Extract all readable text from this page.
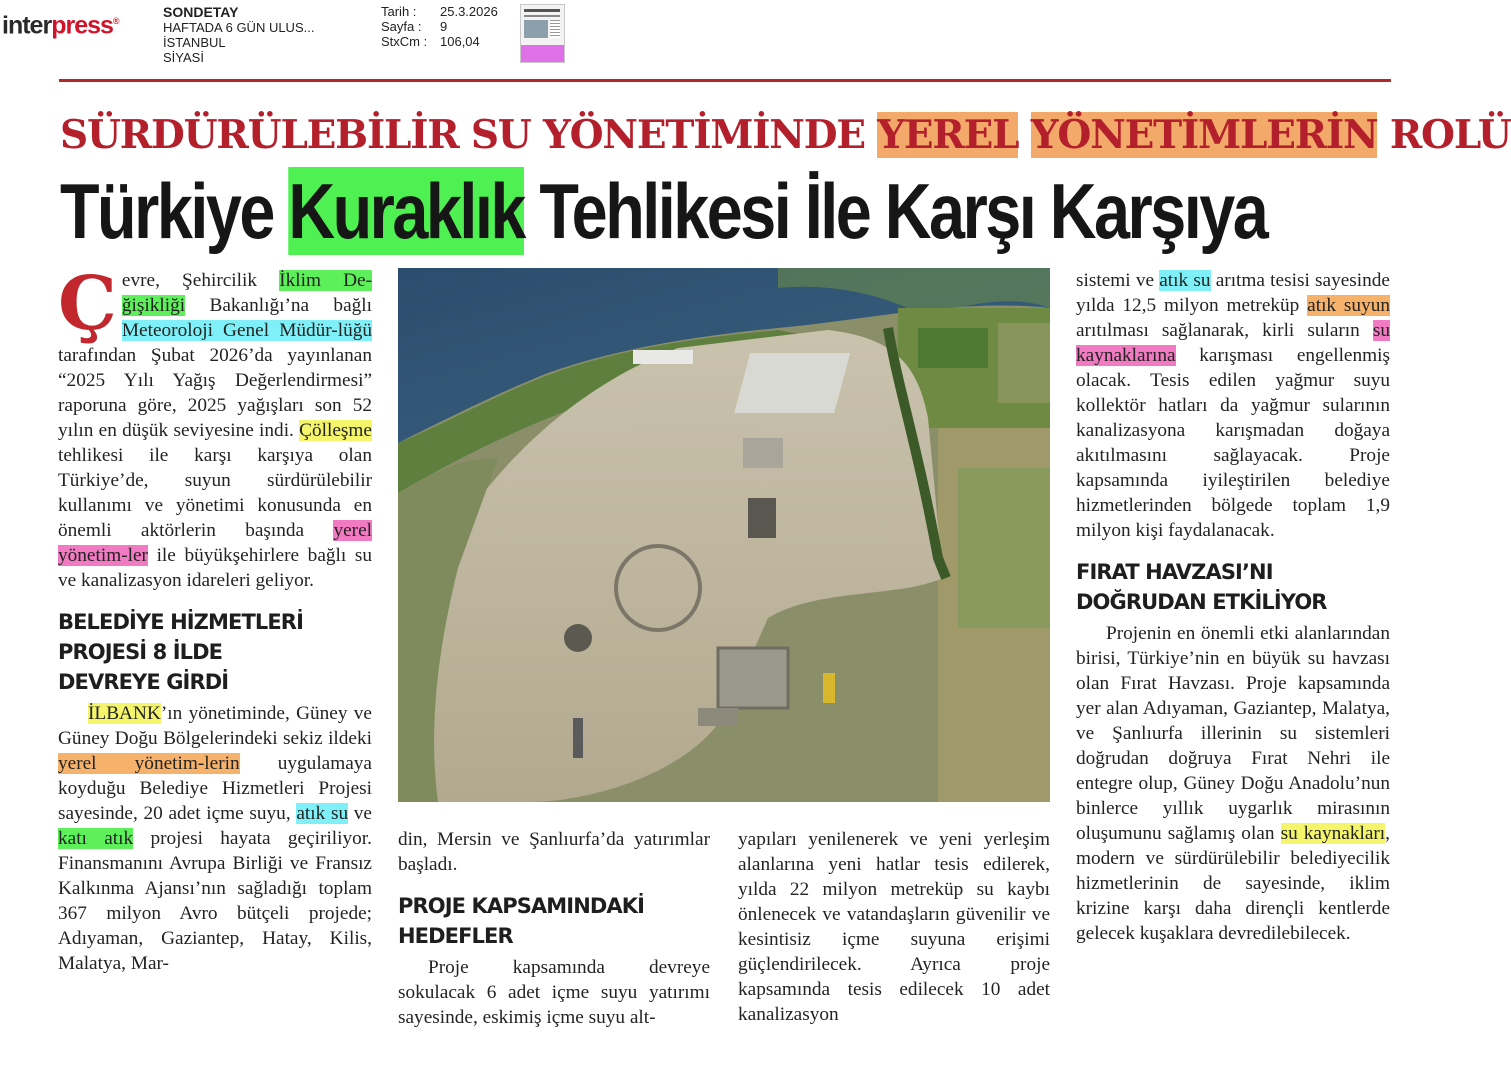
interpress®
SONDETAY
HAFTADA 6 GÜN ULUS...
İSTANBUL
SİYASİ
Tarih :	25.3.2026
Sayfa :	9
StxCm : 106,04
SÜRDÜRÜLEBİLİR SU YÖNETİMİNDE YEREL YÖNETİMLERİN ROLÜ
Türkiye Kuraklık Tehlikesi İle Karşı Karşıya

Çevre, Şehircilik İklim De-ğişikliği Bakanlığı’na bağlı Meteoroloji Genel Müdür-lüğü tarafından Şubat 2026’da yayınlanan “2025 Yılı Yağış Değerlendirmesi” raporuna göre, 2025 yağışları son 52 yılın en düşük seviyesine indi. Çölleşme tehlikesi ile karşı karşıya olan Türkiye’de, suyun sürdürülebilir kullanımı ve yönetimi konusunda en önemli aktörlerin başında yerel yönetim-ler ile büyükşehirlere bağlı su ve kanalizasyon idareleri geliyor.

BELEDİYE HİZMETLERİ
PROJESİ 8 İLDE
DEVREYE GİRDİ

İLBANK’ın yönetiminde, Güney ve Güney Doğu Bölgelerindeki sekiz ildeki yerel yönetim-lerin uygulamaya koyduğu Belediye Hizmetleri Projesi sayesinde, 20 adet içme suyu, atık su ve katı atık projesi hayata geçiriliyor. Finansmanını Avrupa Birliği ve Fransız Kalkınma Ajansı’nın sağladığı toplam 367 milyon Avro bütçeli projede; Adıyaman, Gaziantep, Hatay, Kilis, Malatya, Mar-

din, Mersin ve Şanlıurfa’da yatırımlar başladı.

PROJE KAPSAMINDAKİ
HEDEFLER

Proje kapsamında devreye sokulacak 6 adet içme suyu yatırımı sayesinde, eskimiş içme suyu alt-

yapıları yenilenerek ve yeni yerleşim alanlarına yeni hatlar tesis edilerek, yılda 22 milyon metreküp su kaybı önlenecek ve vatandaşların güvenilir ve kesintisiz içme suyuna erişimi güçlendirilecek. Ayrıca proje kapsamında tesis edilecek 10 adet kanalizasyon

sistemi ve atık su arıtma tesisi sayesinde yılda 12,5 milyon metreküp atık suyun arıtılması sağlanarak, kirli suların su kaynaklarına karışması engellenmiş olacak. Tesis edilen yağmur suyu kollektör hatları da yağmur sularının kanalizasyona karışmadan doğaya akıtılmasını sağlayacak. Proje kapsamında iyileştirilen belediye hizmetlerinden bölgede toplam 1,9 milyon kişi faydalanacak.

FIRAT HAVZASI’NI
DOĞRUDAN ETKİLİYOR

Projenin en önemli etki alanlarından birisi, Türkiye’nin en büyük su havzası olan Fırat Havzası. Proje kapsamında yer alan Adıyaman, Gaziantep, Malatya, ve Şanlıurfa illerinin su sistemleri doğrudan doğruya Fırat Nehri ile entegre olup, Güney Doğu Anadolu’nun binlerce yıllık uygarlık mirasının oluşumunu sağlamış olan su kaynakları, modern ve sürdürülebilir belediyecilik hizmetlerinin de sayesinde, iklim krizine karşı daha dirençli kentlerde gelecek kuşaklara devredilebilecek.
